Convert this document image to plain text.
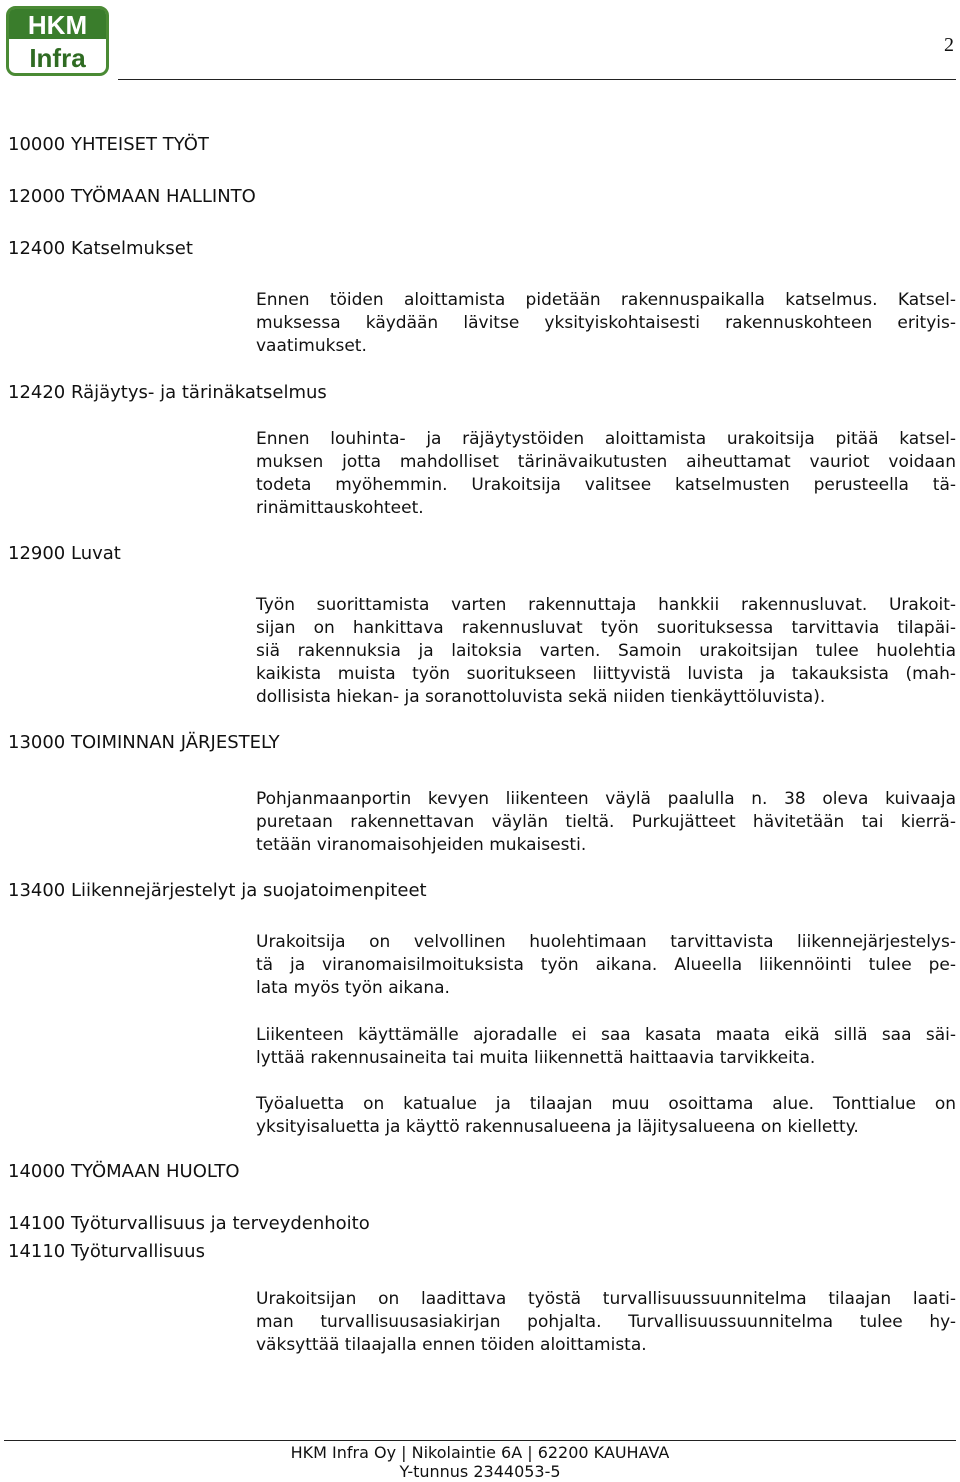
HKM
Infra	2
10000 YHTEISET TYÖT
12000 TYÖMAAN HALLINTO
12400 Katselmukset
12420 Räjäytys- ja tärinäkatselmus
12900 Luvat
13000 TOIMINNAN JÄRJESTELY
13400 Liikennejärjestelyt ja suojatoimenpiteet
14000 TYÖMAAN HUOLTO
14100 Työturvallisuus ja terveydenhoito
14110 Työturvallisuus

Ennen töiden aloittamista pidetään rakennuspaikalla katselmus. Katsel-
muksessa käydään lävitse yksityiskohtaisesti rakennuskohteen erityis-
vaatimukset.

Ennen louhinta- ja räjäytystöiden aloittamista urakoitsija pitää katsel-
muksen jotta mahdolliset tärinävaikutusten aiheuttamat vauriot voidaan
todeta myöhemmin. Urakoitsija valitsee katselmusten perusteella tä-
rinämittauskohteet.

Työn suorittamista varten rakennuttaja hankkii rakennusluvat. Urakoit-
sijan on hankittava rakennusluvat työn suorituksessa tarvittavia tilapäi-
siä rakennuksia ja laitoksia varten. Samoin urakoitsijan tulee huolehtia
kaikista muista työn suoritukseen liittyvistä luvista ja takauksista (mah-
dollisista hiekan- ja soranottoluvista sekä niiden tienkäyttöluvista).

Pohjanmaanportin kevyen liikenteen väylä paalulla n. 38 oleva kuivaaja
puretaan rakennettavan väylän tieltä. Purkujätteet hävitetään tai kierrä-
tetään viranomaisohjeiden mukaisesti.

Urakoitsija on velvollinen huolehtimaan tarvittavista liikennejärjestelys-
tä ja viranomaisilmoituksista työn aikana. Alueella liikennöinti tulee pe-
lata myös työn aikana.

Liikenteen käyttämälle ajoradalle ei saa kasata maata eikä sillä saa säi-
lyttää rakennusaineita tai muita liikennettä haittaavia tarvikkeita.

Työaluetta on katualue ja tilaajan muu osoittama alue. Tonttialue on
yksityisaluetta ja käyttö rakennusalueena ja läjitysalueena on kielletty.

Urakoitsijan on laadittava työstä turvallisuussuunnitelma tilaajan laati-
man turvallisuusasiakirjan pohjalta. Turvallisuussuunnitelma tulee hy-
väksyttää tilaajalla ennen töiden aloittamista.

HKM Infra Oy | Nikolaintie 6A | 62200 KAUHAVA
Y-tunnus 2344053-5
